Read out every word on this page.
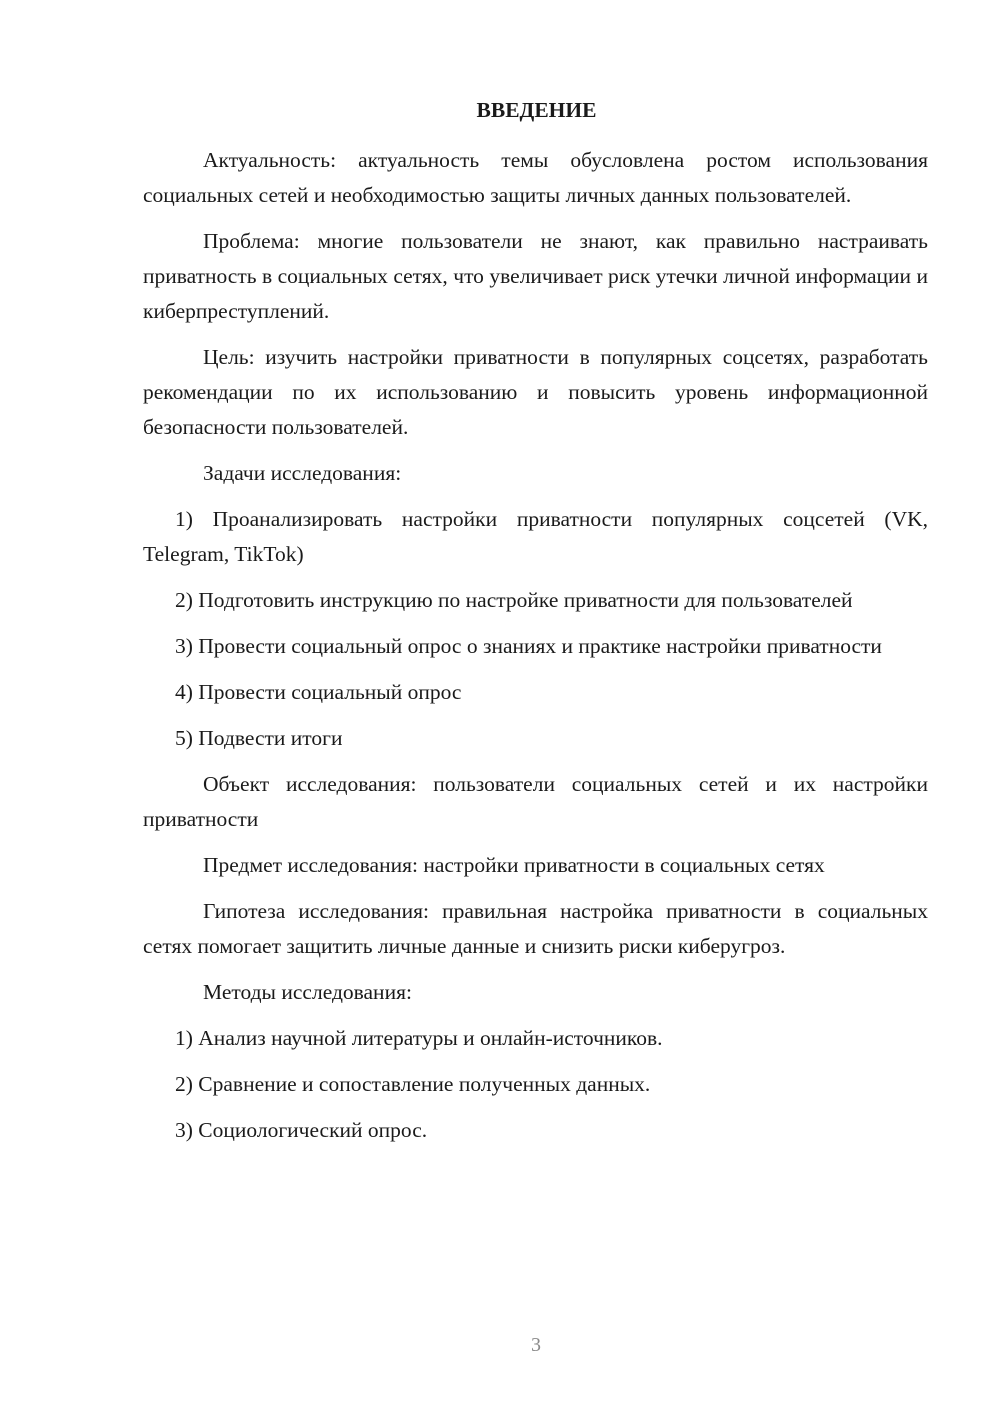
ВВЕДЕНИЕ

Актуальность: актуальность темы обусловлена ростом использования социальных сетей и необходимостью защиты личных данных пользователей.

Проблема: многие пользователи не знают, как правильно настраивать приватность в социальных сетях, что увеличивает риск утечки личной информации и киберпреступлений.

Цель: изучить настройки приватности в популярных соцсетях, разработать рекомендации по их использованию и повысить уровень информационной безопасности пользователей.

Задачи исследования:

1) Проанализировать настройки приватности популярных соцсетей (VK, Telegram, TikTok)

2) Подготовить инструкцию по настройке приватности для пользователей

3) Провести социальный опрос о знаниях и практике настройки приватности

4) Провести социальный опрос

5) Подвести итоги

Объект исследования: пользователи социальных сетей и их настройки приватности

Предмет исследования: настройки приватности в социальных сетях

Гипотеза исследования: правильная настройка приватности в социальных сетях помогает защитить личные данные и снизить риски киберугроз.

Методы исследования:

1) Анализ научной литературы и онлайн-источников.

2) Сравнение и сопоставление полученных данных.

3) Социологический опрос.

3
